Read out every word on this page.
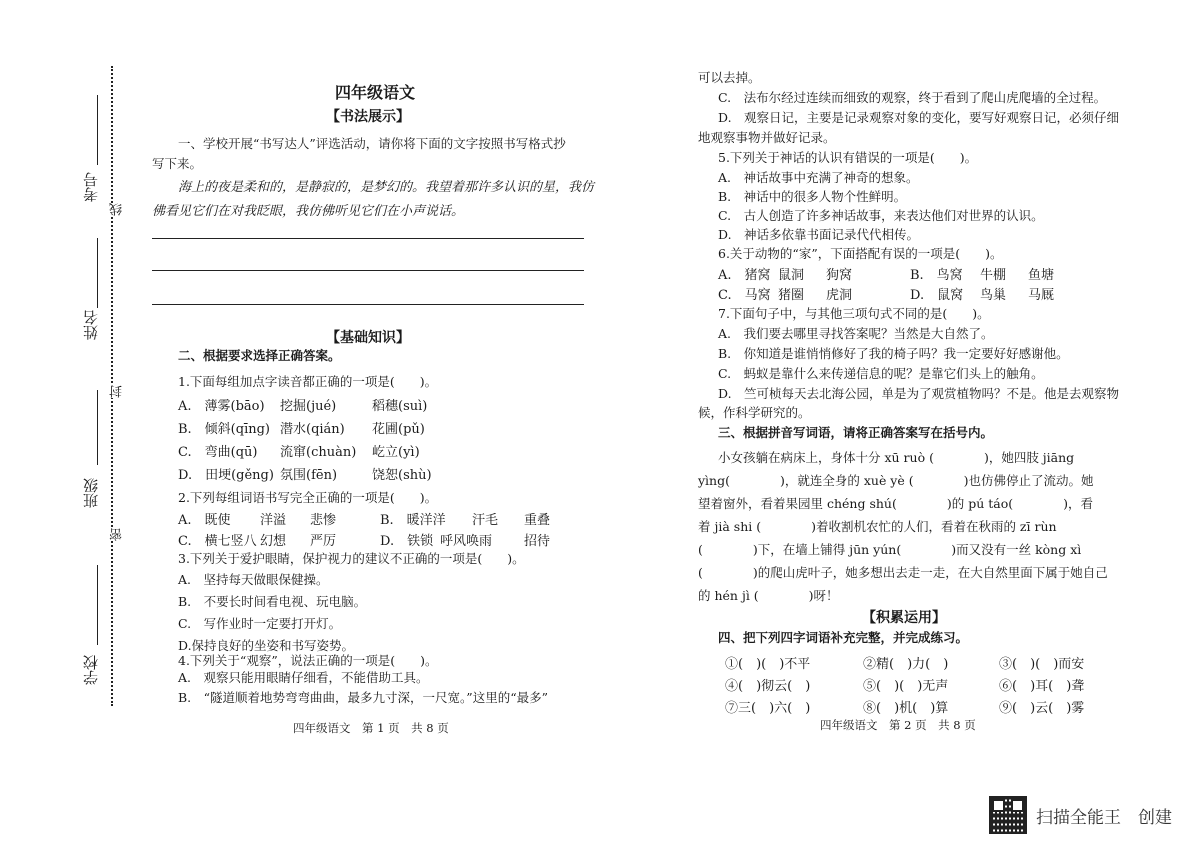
考号
线
姓名
封
班级
密
学校
四年级语文
【书法展示】
一、学校开展“书写达人”评选活动，请你将下面的文字按照书写格式抄
写下来。
海上的夜是柔和的，是静寂的，是梦幻的。我望着那许多认识的星，我仿
佛看见它们在对我眨眼，我仿佛听见它们在小声说话。
【基础知识】
二、根据要求选择正确答案。
1.下面每组加点字读音都正确的一项是(　　)。
A.　薄雾(bāo)	挖掘(jué)	稻穗(suì)
B.　倾斜(qīng) 潜水(qián)	花圃(pǔ)
C.　弯曲(qū)	流窜(chuàn)	屹立(yì)
D.　田埂(gěng) 氛围(fēn)	饶恕(shù)
2.下列每组词语书写完全正确的一项是(　　)。
A.　既使	洋溢	悲惨	B.　暖洋洋	汗毛	重叠
C.　横七竖八 幻想	严厉	D.　铁锁 呼风唤雨	招待
3.下列关于爱护眼睛，保护视力的建议不正确的一项是(　　)。
A.　坚持每天做眼保健操。
B.　不要长时间看电视、玩电脑。
C.　写作业时一定要打开灯。
D.保持良好的坐姿和书写姿势。
4.下列关于“观察”，说法正确的一项是(　　)。
A.　观察只能用眼睛仔细看，不能借助工具。
B.　“隧道顺着地势弯弯曲曲，最多九寸深，一尺宽。”这里的“最多”
四年级语文　第 1 页　共 8 页
可以去掉。
C.　法布尔经过连续而细致的观察，终于看到了爬山虎爬墙的全过程。
D.　观察日记，主要是记录观察对象的变化，要写好观察日记，必须仔细
地观察事物并做好记录。
5.下列关于神话的认识有错误的一项是(　　)。
A.　神话故事中充满了神奇的想象。
B.　神话中的很多人物个性鲜明。
C.　古人创造了许多神话故事，来表达他们对世界的认识。
D.　神话多依靠书面记录代代相传。
6.关于动物的“家”，下面搭配有误的一项是(　　)。
A.　猪窝 鼠洞	狗窝	B.　鸟窝	牛棚	鱼塘
C.　马窝 猪圈	虎洞	D.　鼠窝	鸟巢	马厩
7.下面句子中，与其他三项句式不同的是(　　)。
A.　我们要去哪里寻找答案呢？当然是大自然了。
B.　你知道是谁悄悄修好了我的椅子吗？我一定要好好感谢他。
C.　蚂蚁是靠什么来传递信息的呢？是靠它们头上的触角。
D.　竺可桢每天去北海公园，单是为了观赏植物吗？不是。他是去观察物
候，作科学研究的。
三、根据拼音写词语，请将正确答案写在括号内。
小女孩躺在病床上，身体十分 xū ruò (　　　　)，她四肢 jiāng
yìng(　　　　)，就连全身的 xuè yè (　　　　)也仿佛停止了流动。她
望着窗外，看着果园里 chéng shú(　　　　)的 pú táo(　　　　)，看
着 jià shi (　　　　)着收割机农忙的人们，看着在秋雨的 zī rùn
(　　　　)下，在墙上铺得 jūn yún(　　　　)而又没有一丝 kòng xì
(　　　　)的爬山虎叶子，她多想出去走一走，在大自然里面下属于她自己
的 hén jì (　　　　)呀！
【积累运用】
四、把下列四字词语补充完整，并完成练习。
①(　)(　)不平	②精(　)力(　)	③(　)(　)而安
④(　)彻云(　)	⑤(　)(　)无声	⑥(　)耳(　)聋
⑦三(　)六(　)	⑧(　)机(　)算	⑨(　)云(　)雾
四年级语文　第 2 页　共 8 页
扫描全能王　创建
